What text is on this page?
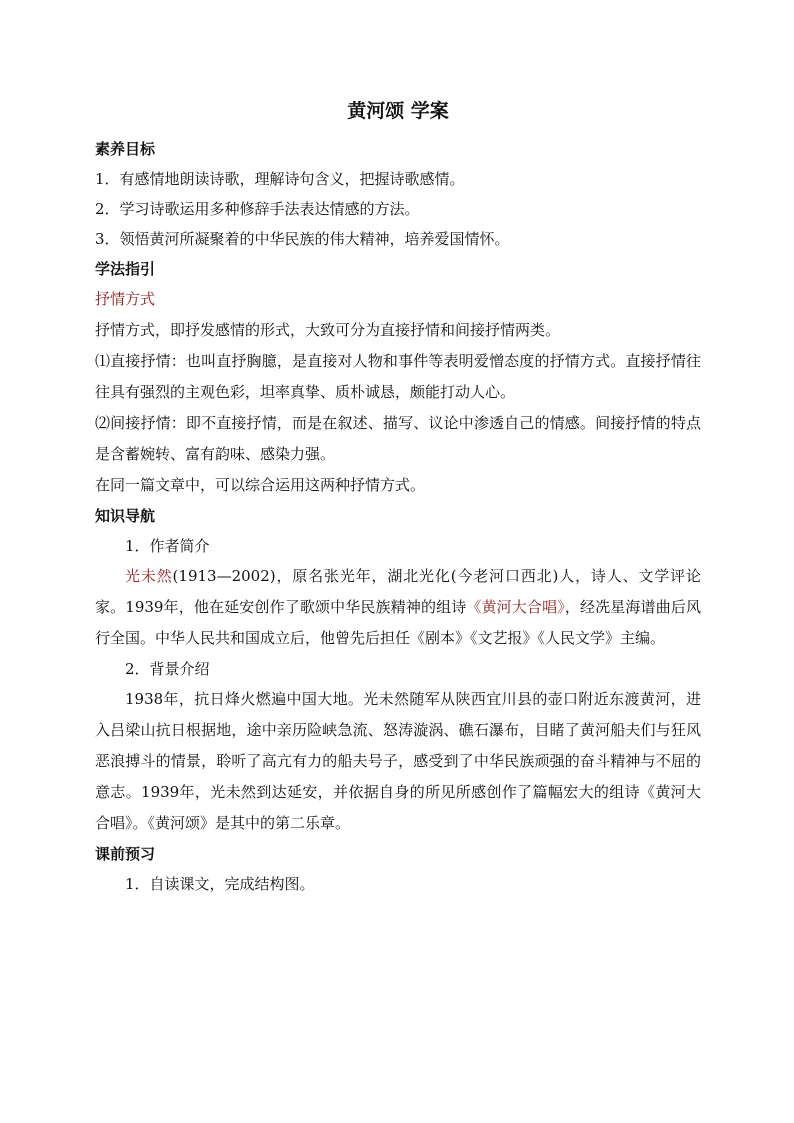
黄河颂 学案
素养目标
1．有感情地朗读诗歌，理解诗句含义，把握诗歌感情。
2．学习诗歌运用多种修辞手法表达情感的方法。
3．领悟黄河所凝聚着的中华民族的伟大精神，培养爱国情怀。
学法指引
抒情方式
抒情方式，即抒发感情的形式，大致可分为直接抒情和间接抒情两类。
⑴直接抒情：也叫直抒胸臆，是直接对人物和事件等表明爱憎态度的抒情方式。直接抒情往往具有强烈的主观色彩，坦率真挚、质朴诚恳，颇能打动人心。
⑵间接抒情：即不直接抒情，而是在叙述、描写、议论中渗透自己的情感。间接抒情的特点是含蓄婉转、富有韵味、感染力强。
在同一篇文章中，可以综合运用这两种抒情方式。
知识导航
1．作者简介
光未然(1913—2002)，原名张光年，湖北光化(今老河口西北)人，诗人、文学评论家。1939年，他在延安创作了歌颂中华民族精神的组诗《黄河大合唱》，经冼星海谱曲后风行全国。中华人民共和国成立后，他曾先后担任《剧本》《文艺报》《人民文学》主编。
2．背景介绍
1938年，抗日烽火燃遍中国大地。光未然随军从陕西宜川县的壶口附近东渡黄河，进入吕梁山抗日根据地，途中亲历险峡急流、怒涛漩涡、礁石瀑布，目睹了黄河船夫们与狂风恶浪搏斗的情景，聆听了高亢有力的船夫号子，感受到了中华民族顽强的奋斗精神与不屈的意志。1939年，光未然到达延安，并依据自身的所见所感创作了篇幅宏大的组诗《黄河大合唱》。《黄河颂》是其中的第二乐章。
课前预习
1．自读课文，完成结构图。
